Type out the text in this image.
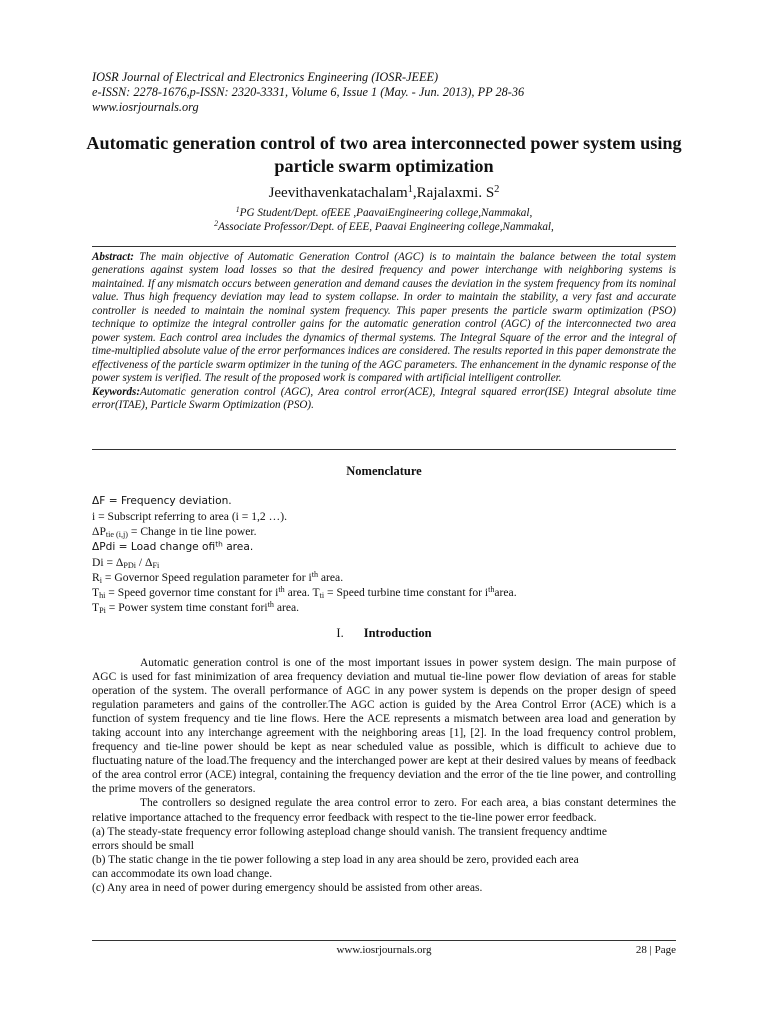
IOSR Journal of Electrical and Electronics Engineering (IOSR-JEEE)
e-ISSN: 2278-1676,p-ISSN: 2320-3331, Volume 6, Issue 1 (May. - Jun. 2013), PP 28-36
www.iosrjournals.org
Automatic generation control of two area interconnected power system using particle swarm optimization
Jeevithavenkatachalam$^1$,Rajalaxmi. $S^2$
$^1$PG Student/Dept. ofEEE ,PaavaiEngineering college,Nammakal,
$^2$Associate Professor/Dept. of EEE, Paavai Engineering college,Nammakal,

Abstract: The main objective of Automatic Generation Control (AGC) is to maintain the balance between the total system generations against system load losses so that the desired frequency and power interchange with neighboring systems is maintained. If any mismatch occurs between generation and demand causes the deviation in the system frequency from its nominal value. Thus high frequency deviation may lead to system collapse. In order to maintain the stability, a very fast and accurate controller is needed to maintain the nominal system frequency. This paper presents the particle swarm optimization (PSO) technique to optimize the integral controller gains for the automatic generation control (AGC) of the interconnected two area power system. Each control area includes the dynamics of thermal systems. The Integral Square of the error and the integral of time-multiplied absolute value of the error performances indices are considered. The results reported in this paper demonstrate the effectiveness of the particle swarm optimizer in the tuning of the AGC parameters. The enhancement in the dynamic response of the power system is verified. The result of the proposed work is compared with artificial intelligent controller.

Keywords:Automatic generation control (AGC), Area control error(ACE), Integral squared error(ISE) Integral absolute time error(ITAE), Particle Swarm Optimization (PSO).

Nomenclature
ΔF = Frequency deviation.
i = Subscript referring to area (i = 1,2 …).
$\Delta P_{tie (i,j)}$ = Change in tie line power.
ΔPdi = Load change ofi$^{th}$ area.
$Di = \Delta_{PDi} / \Delta_{Fi}$
$R_i$ = Governor Speed regulation parameter for $i^{th}$ area.
$T_{hi}$ = Speed governor time constant for $i^{th}$ area. $T_{ti}$ = Speed turbine time constant for $i^{th}area$.
$T_{Pi}$ = Power system time constant fori$^{th}$ area.
I. Introduction

Automatic generation control is one of the most important issues in power system design. The main purpose of AGC is used for fast minimization of area frequency deviation and mutual tie-line power flow deviation of areas for stable operation of the system. The overall performance of AGC in any power system is depends on the proper design of speed regulation parameters and gains of the controller.The AGC action is guided by the Area Control Error (ACE) which is a function of system frequency and tie line flows. Here the ACE represents a mismatch between area load and generation by taking account into any interchange agreement with the neighboring areas [1], [2]. In the load frequency control problem, frequency and tie-line power should be kept as near scheduled value as possible, which is difficult to achieve due to fluctuating nature of the load.The frequency and the interchanged power are kept at their desired values by means of feedback of the area control error (ACE) integral, containing the frequency deviation and the error of the tie line power, and controlling the prime movers of the generators.

The controllers so designed regulate the area control error to zero. For each area, a bias constant determines the relative importance attached to the frequency error feedback with respect to the tie-line power error feedback.

(a) The steady-state frequency error following astepload change should vanish. The transient frequency andtime

errors should be small

(b) The static change in the tie power following a step load in any area should be zero, provided each area

can accommodate its own load change.

(c) Any area in need of power during emergency should be assisted from other areas.

www.iosrjournals.org	28 | Page
